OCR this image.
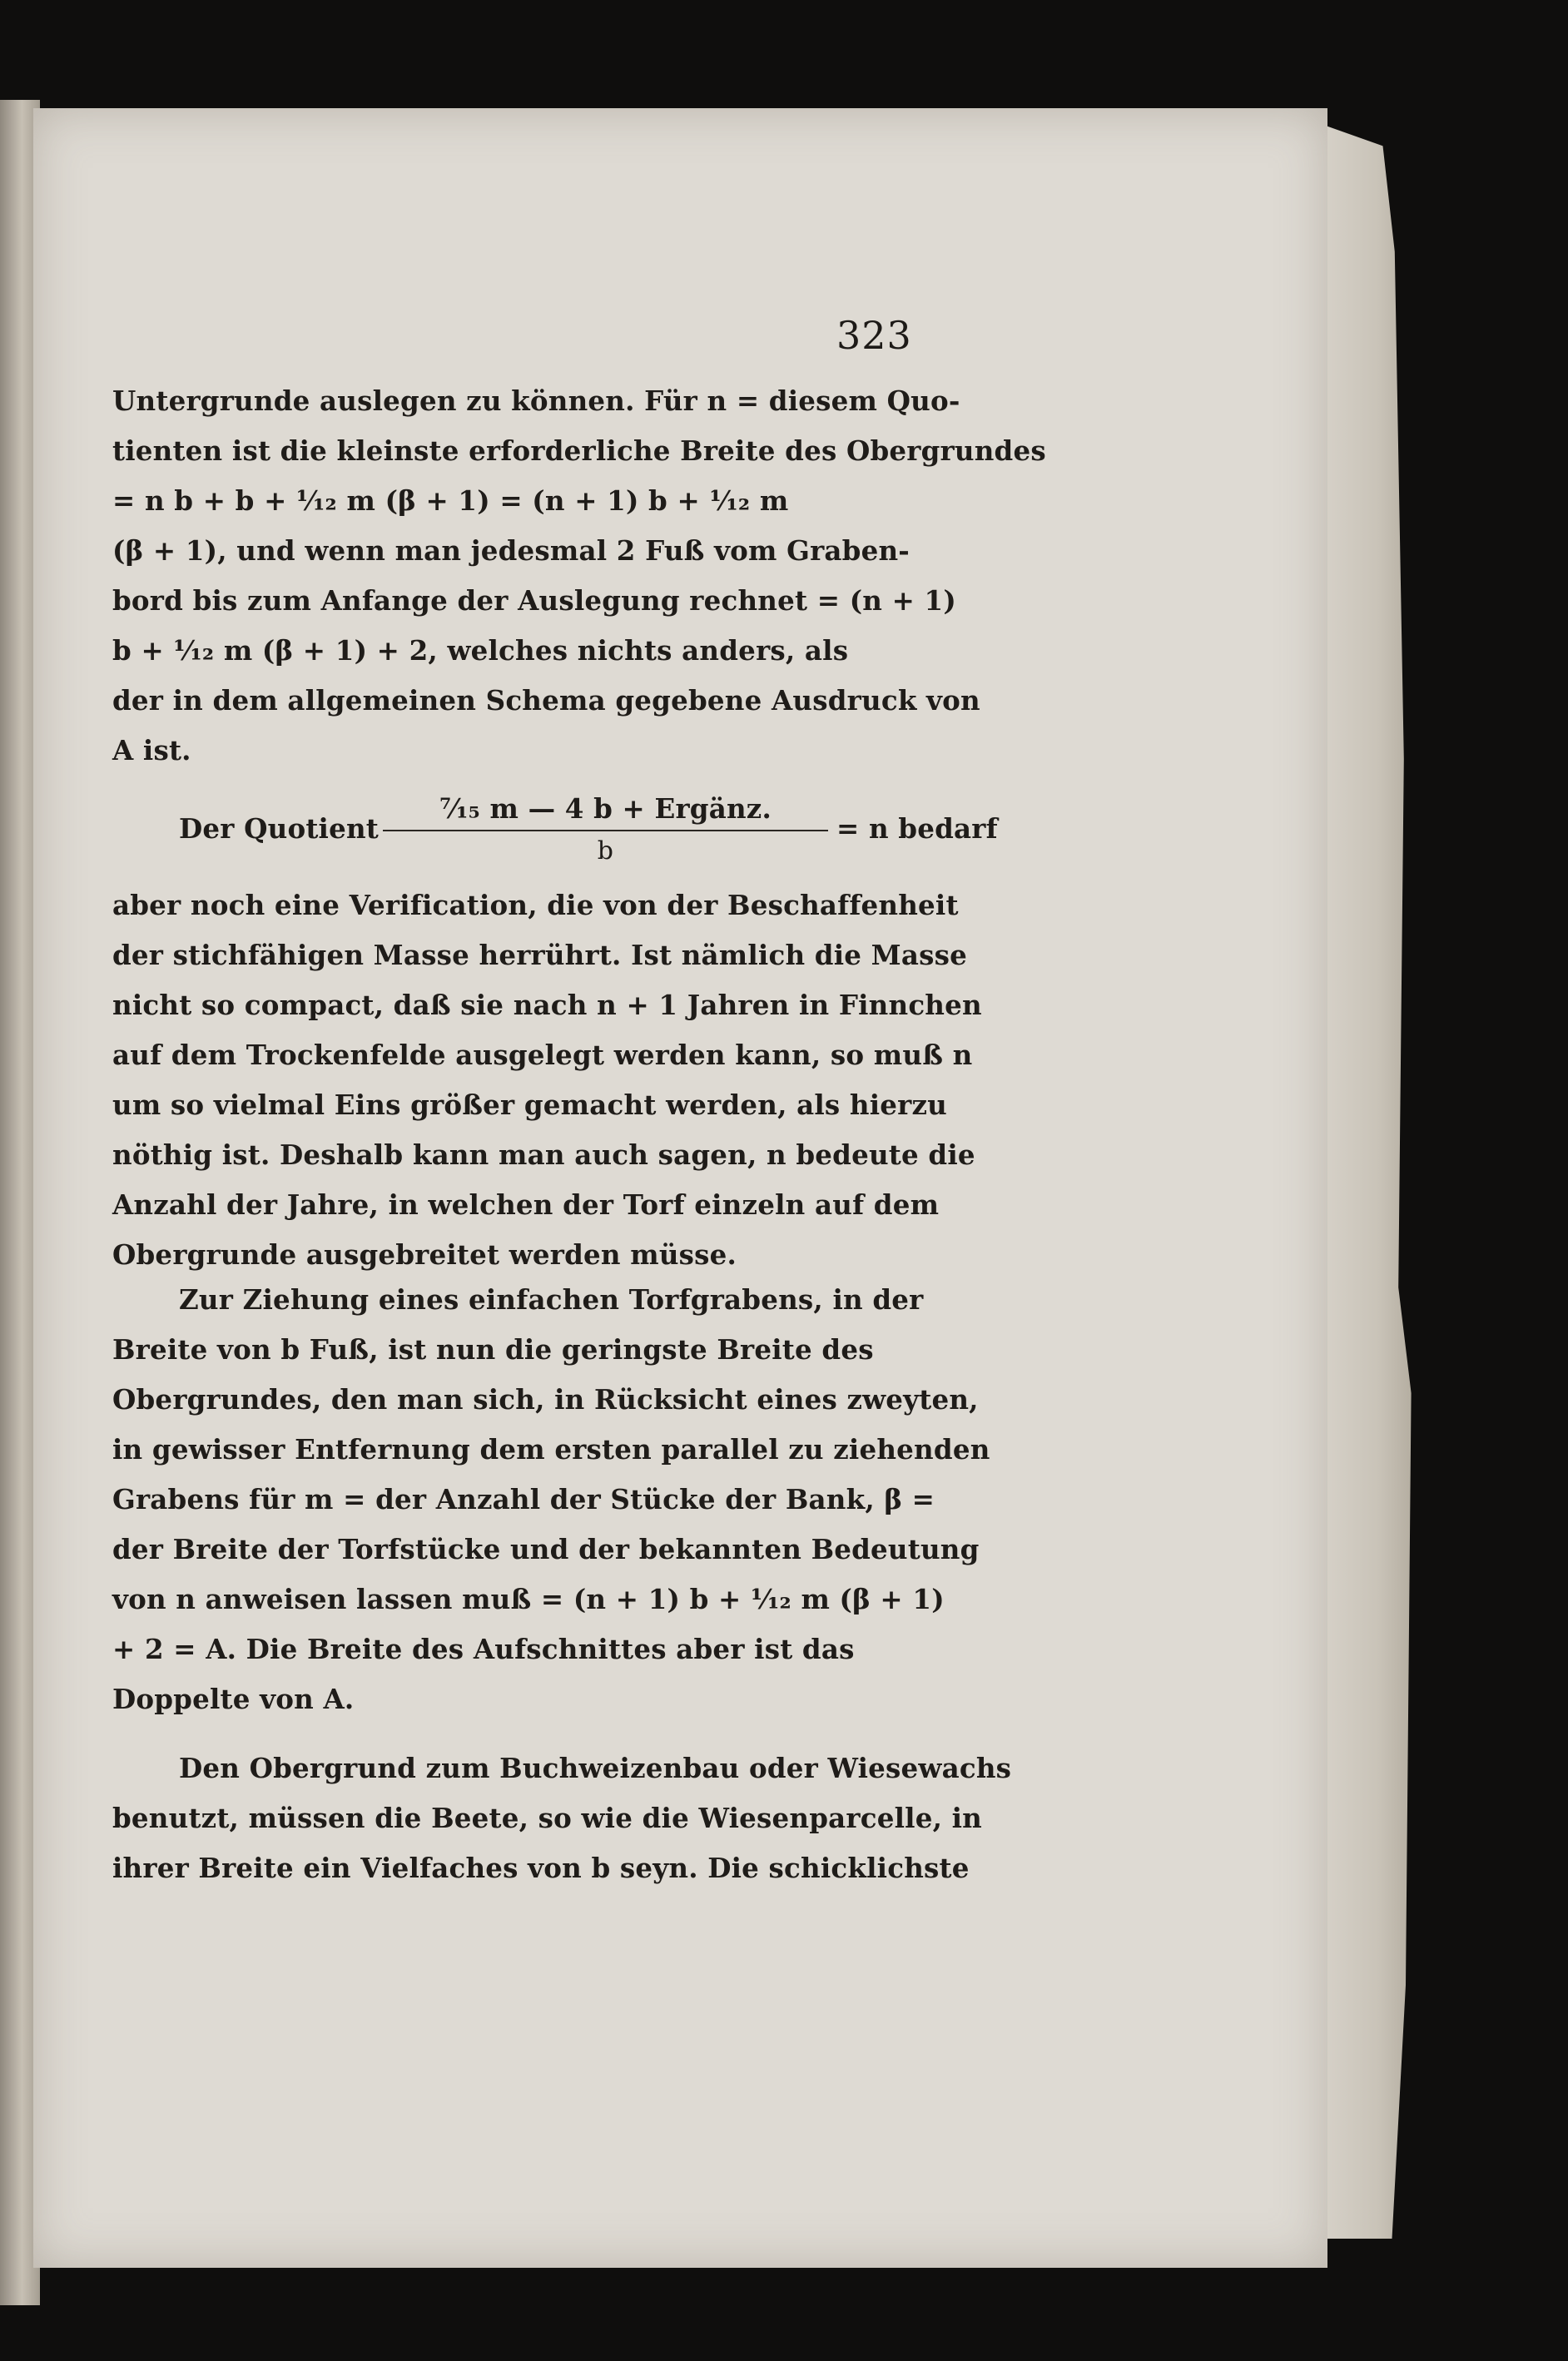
323
Untergrunde auslegen zu können. Für n = diesem Quo-
tienten ist die kleinste erforderliche Breite des Obergrundes
= n b + b + ¹⁄₁₂ m (β + 1) = (n + 1) b + ¹⁄₁₂ m
(β + 1), und wenn man jedesmal 2 Fuß vom Graben-
bord bis zum Anfange der Auslegung rechnet = (n + 1)
b + ¹⁄₁₂ m (β + 1) + 2, welches nichts anders, als
der in dem allgemeinen Schema gegebene Ausdruck von
A ist.
Der Quotient
⁷⁄₁₅ m — 4 b + Ergänz.
b
= n bedarf
aber noch eine Verification, die von der Beschaffenheit
der stichfähigen Masse herrührt. Ist nämlich die Masse
nicht so compact, daß sie nach n + 1 Jahren in Finnchen
auf dem Trockenfelde ausgelegt werden kann, so muß n
um so vielmal Eins größer gemacht werden, als hierzu
nöthig ist. Deshalb kann man auch sagen, n bedeute die
Anzahl der Jahre, in welchen der Torf einzeln auf dem
Obergrunde ausgebreitet werden müsse.
Zur Ziehung eines einfachen Torfgrabens, in der
Breite von b Fuß, ist nun die geringste Breite des
Obergrundes, den man sich, in Rücksicht eines zweyten,
in gewisser Entfernung dem ersten parallel zu ziehenden
Grabens für m = der Anzahl der Stücke der Bank, β =
der Breite der Torfstücke und der bekannten Bedeutung
von n anweisen lassen muß = (n + 1) b + ¹⁄₁₂ m (β + 1)
+ 2 = A. Die Breite des Aufschnittes aber ist das
Doppelte von A.
Den Obergrund zum Buchweizenbau oder Wiesewachs
benutzt, müssen die Beete, so wie die Wiesenparcelle, in
ihrer Breite ein Vielfaches von b seyn. Die schicklichste
